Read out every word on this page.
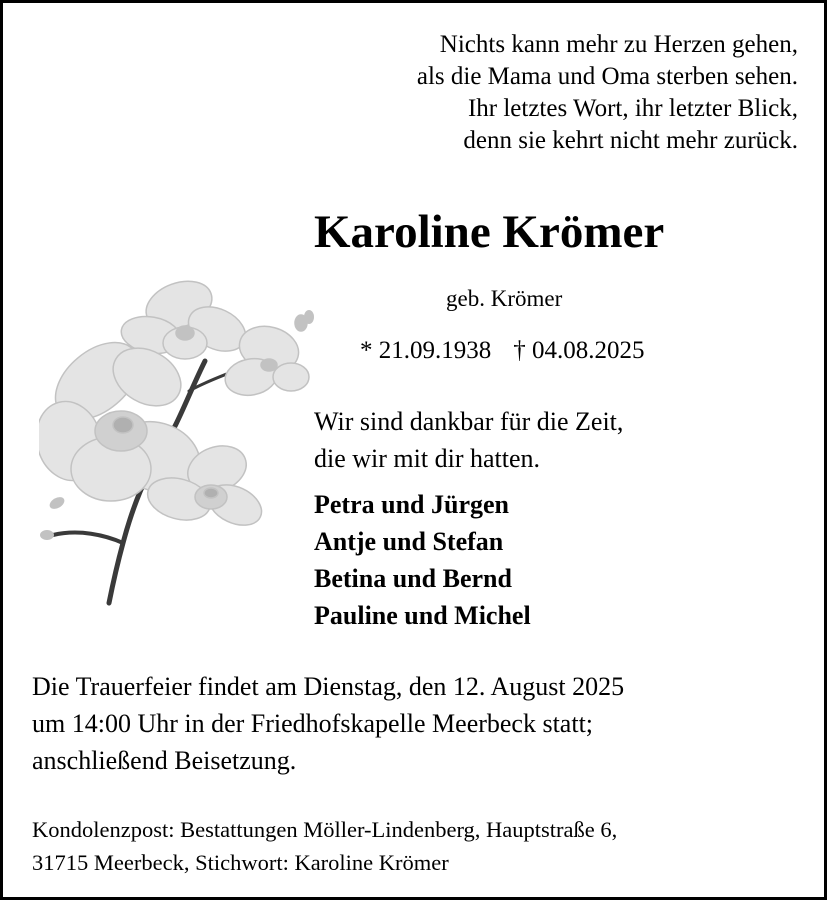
Nichts kann mehr zu Herzen gehen,
als die Mama und Oma sterben sehen.
Ihr letztes Wort, ihr letzter Blick,
denn sie kehrt nicht mehr zurück.
Karoline Krömer
geb. Krömer
* 21.09.1938 † 04.08.2025
Wir sind dankbar für die Zeit,
die wir mit dir hatten.
Petra und Jürgen
Antje und Stefan
Betina und Bernd
Pauline und Michel
Die Trauerfeier findet am Dienstag, den 12. August 2025
um 14:00 Uhr in der Friedhofskapelle Meerbeck statt;
anschließend Beisetzung.
Kondolenzpost: Bestattungen Möller-Lindenberg, Hauptstraße 6,
31715 Meerbeck, Stichwort: Karoline Krömer
